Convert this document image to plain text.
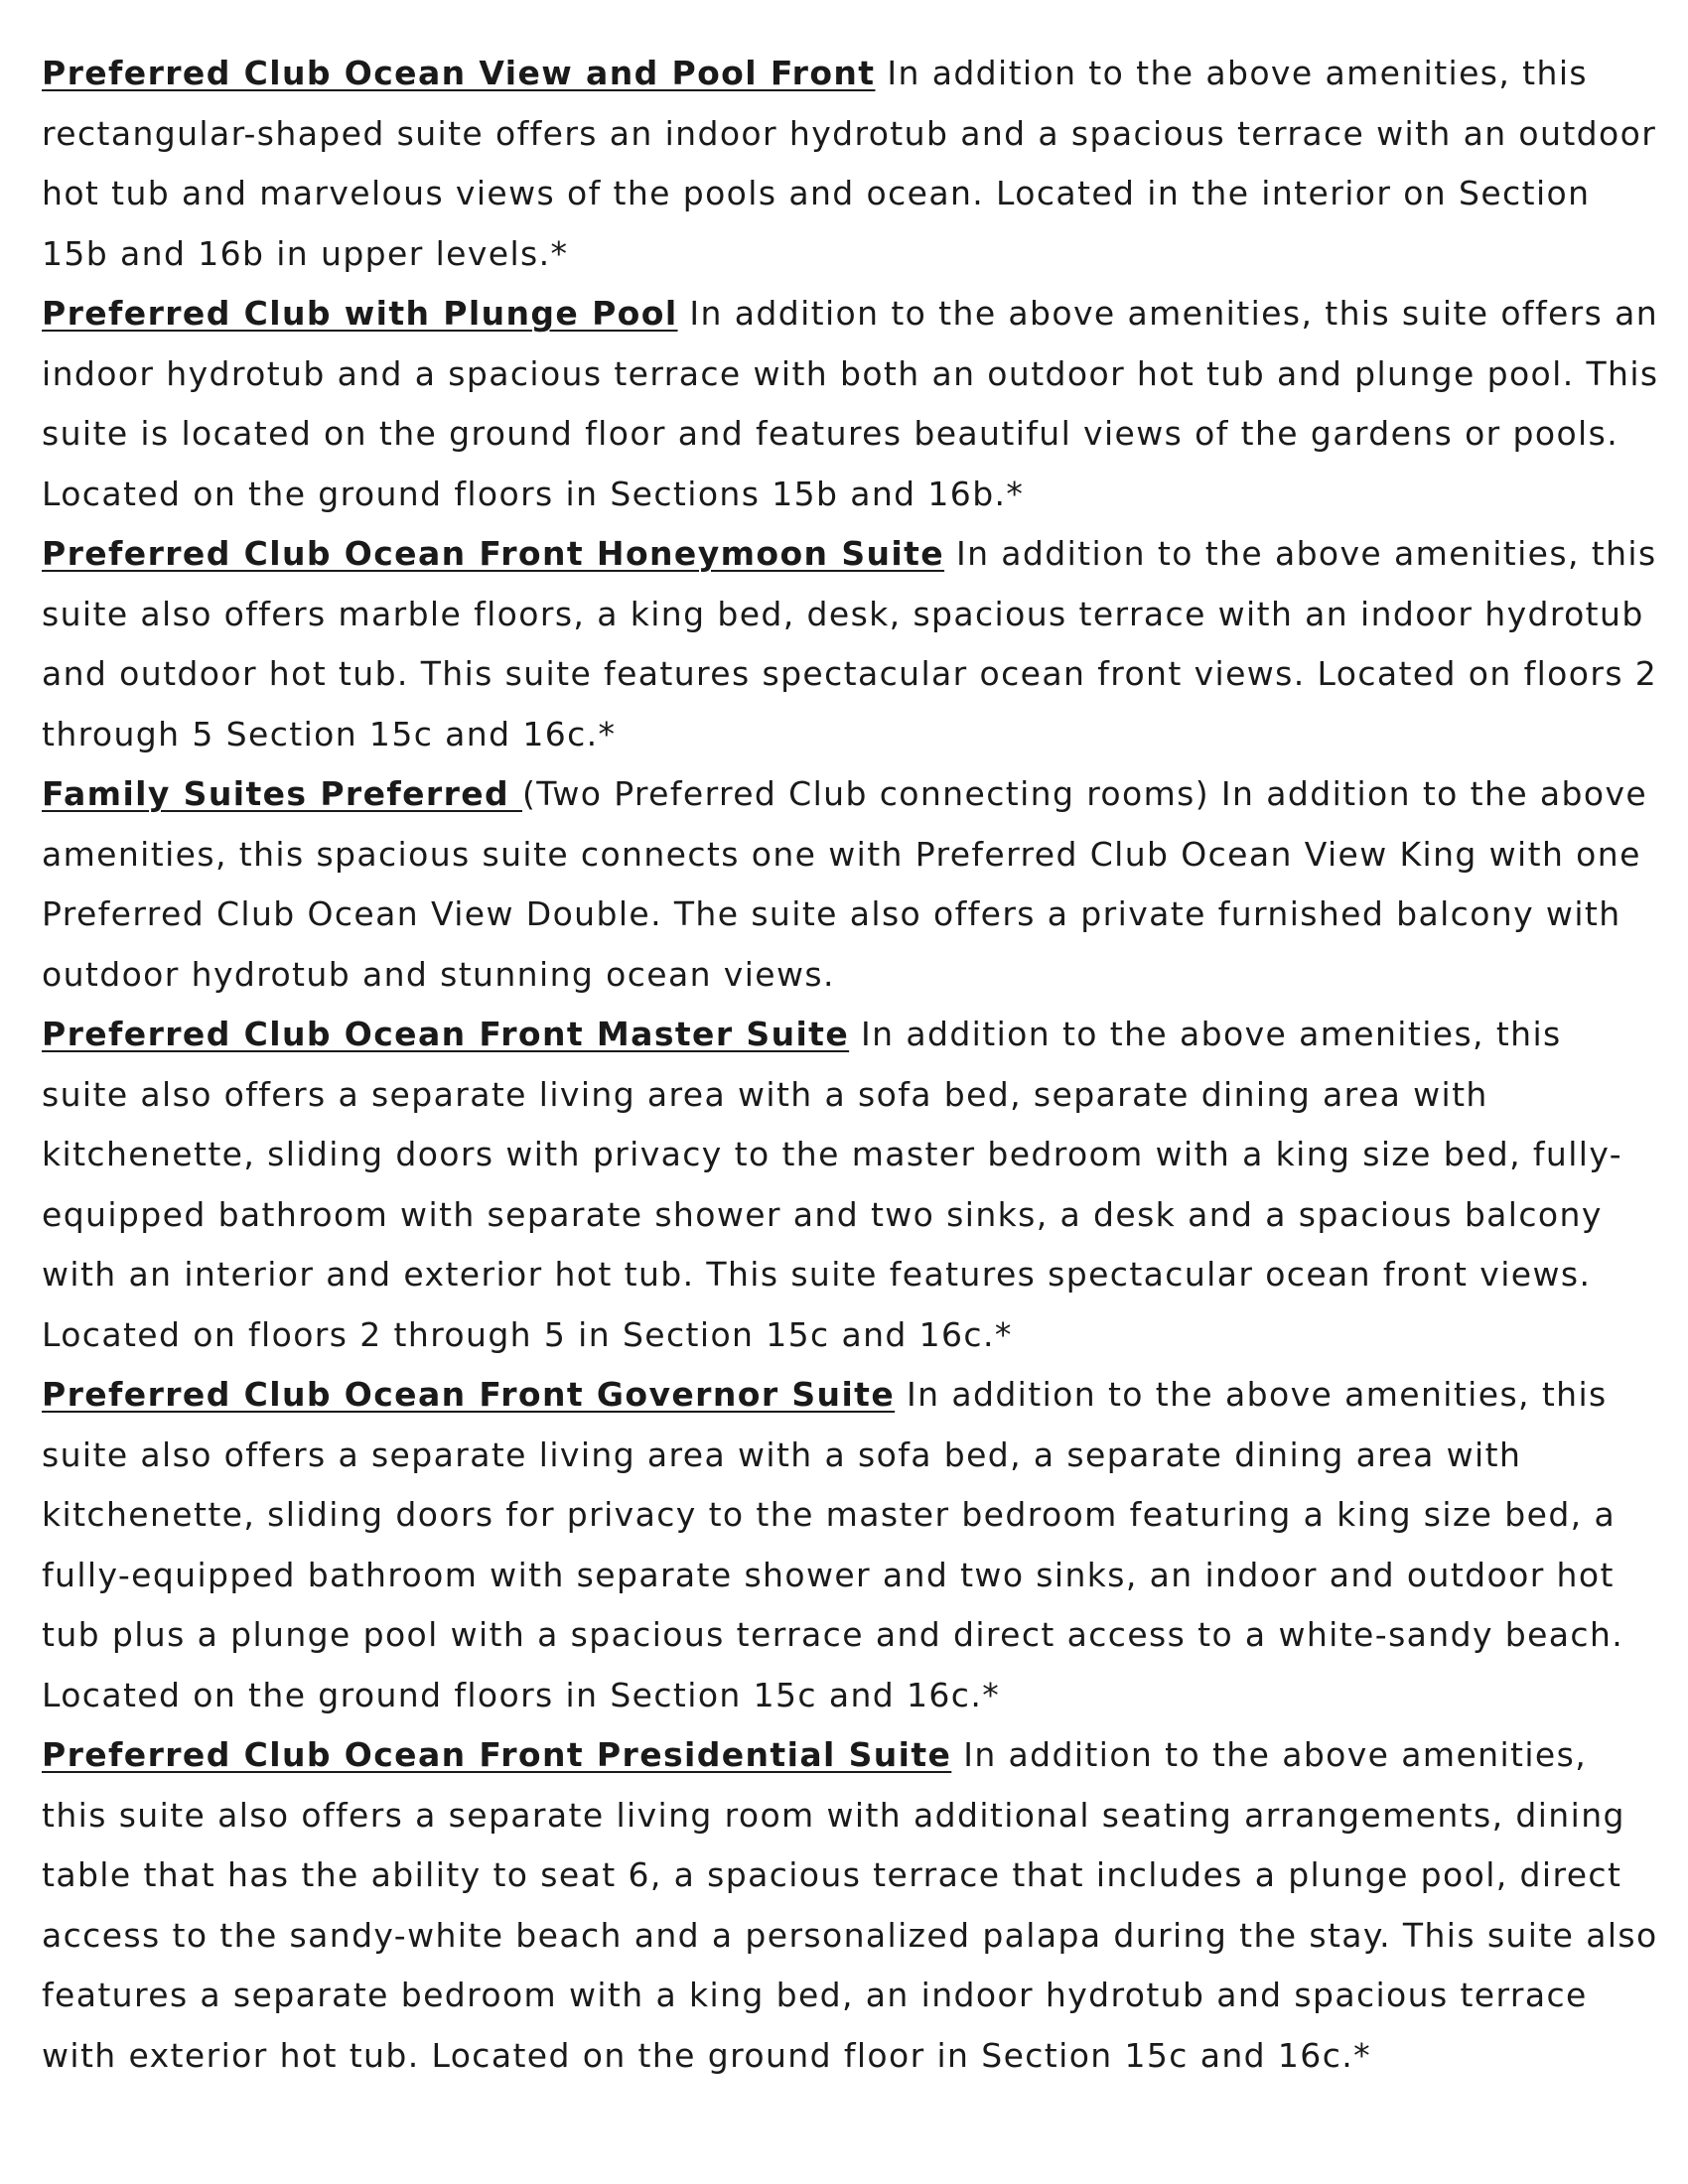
Preferred Club Ocean View and Pool Front In addition to the above amenities, this rectangular-shaped suite offers an indoor hydrotub and a spacious terrace with an outdoor hot tub and marvelous views of the pools and ocean. Located in the interior on Section 15b and 16b in upper levels.*

Preferred Club with Plunge Pool In addition to the above amenities, this suite offers an indoor hydrotub and a spacious terrace with both an outdoor hot tub and plunge pool. This suite is located on the ground floor and features beautiful views of the gardens or pools. Located on the ground floors in Sections 15b and 16b.*

Preferred Club Ocean Front Honeymoon Suite In addition to the above amenities, this suite also offers marble floors, a king bed, desk, spacious terrace with an indoor hydrotub and outdoor hot tub. This suite features spectacular ocean front views. Located on floors 2 through 5 Section 15c and 16c.*

Family Suites Preferred (Two Preferred Club connecting rooms) In addition to the above amenities, this spacious suite connects one with Preferred Club Ocean View King with one Preferred Club Ocean View Double. The suite also offers a private furnished balcony with outdoor hydrotub and stunning ocean views.

Preferred Club Ocean Front Master Suite In addition to the above amenities, this suite also offers a separate living area with a sofa bed, separate dining area with kitchenette, sliding doors with privacy to the master bedroom with a king size bed, fully-equipped bathroom with separate shower and two sinks, a desk and a spacious balcony with an interior and exterior hot tub. This suite features spectacular ocean front views. Located on floors 2 through 5 in Section 15c and 16c.*

Preferred Club Ocean Front Governor Suite In addition to the above amenities, this suite also offers a separate living area with a sofa bed, a separate dining area with kitchenette, sliding doors for privacy to the master bedroom featuring a king size bed, a fully-equipped bathroom with separate shower and two sinks, an indoor and outdoor hot tub plus a plunge pool with a spacious terrace and direct access to a white-sandy beach. Located on the ground floors in Section 15c and 16c.*

Preferred Club Ocean Front Presidential Suite In addition to the above amenities, this suite also offers a separate living room with additional seating arrangements, dining table that has the ability to seat 6, a spacious terrace that includes a plunge pool, direct access to the sandy-white beach and a personalized palapa during the stay. This suite also features a separate bedroom with a king bed, an indoor hydrotub and spacious terrace with exterior hot tub. Located on the ground floor in Section 15c and 16c.*
